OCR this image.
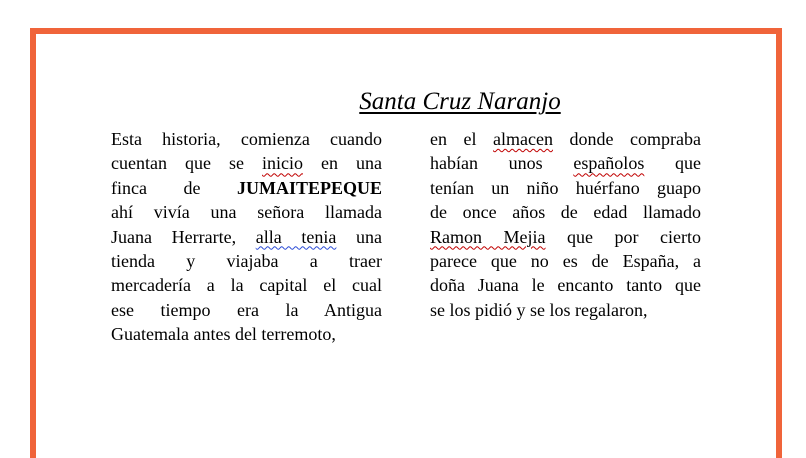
Santa Cruz Naranjo
Esta historia, comienza cuando
cuentan que se inicio en una
finca de JUMAITEPEQUE
ahí vivía una señora llamada
Juana Herrarte, alla tenia una
tienda y viajaba a traer
mercadería a la capital el cual
ese tiempo era la Antigua
Guatemala antes del terremoto,
en el almacen donde compraba
habían unos españolos que
tenían un niño huérfano guapo
de once años de edad llamado
Ramon Mejia que por cierto
parece que no es de España, a
doña Juana le encanto tanto que
se los pidió y se los regalaron,
